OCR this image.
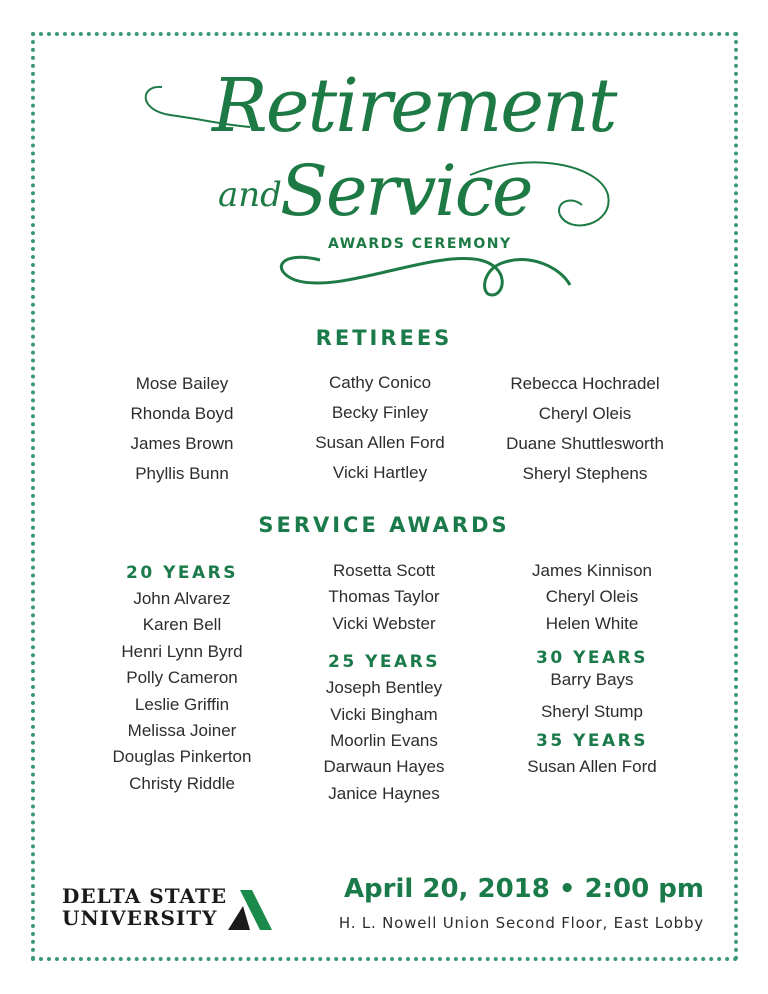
Retirement
and
Service
AWARDS CEREMONY
RETIREES
Mose Bailey
Rhonda Boyd
James Brown
Phyllis Bunn
Cathy Conico
Becky Finley
Susan Allen Ford
Vicki Hartley
Rebecca Hochradel
Cheryl Oleis
Duane Shuttlesworth
Sheryl Stephens
SERVICE AWARDS
20 YEARS
John Alvarez
Karen Bell
Henri Lynn Byrd
Polly Cameron
Leslie Griffin
Melissa Joiner
Douglas Pinkerton
Christy Riddle
Rosetta Scott
Thomas Taylor
Vicki Webster
25 YEARS
Joseph Bentley
Vicki Bingham
Moorlin Evans
Darwaun Hayes
Janice Haynes
James Kinnison
Cheryl Oleis
Helen White
30 YEARS
Barry Bays
Sheryl Stump
35 YEARS
Susan Allen Ford
DELTA STATE
UNIVERSITY
April 20, 2018 • 2:00 pm
H. L. Nowell Union Second Floor, East Lobby
